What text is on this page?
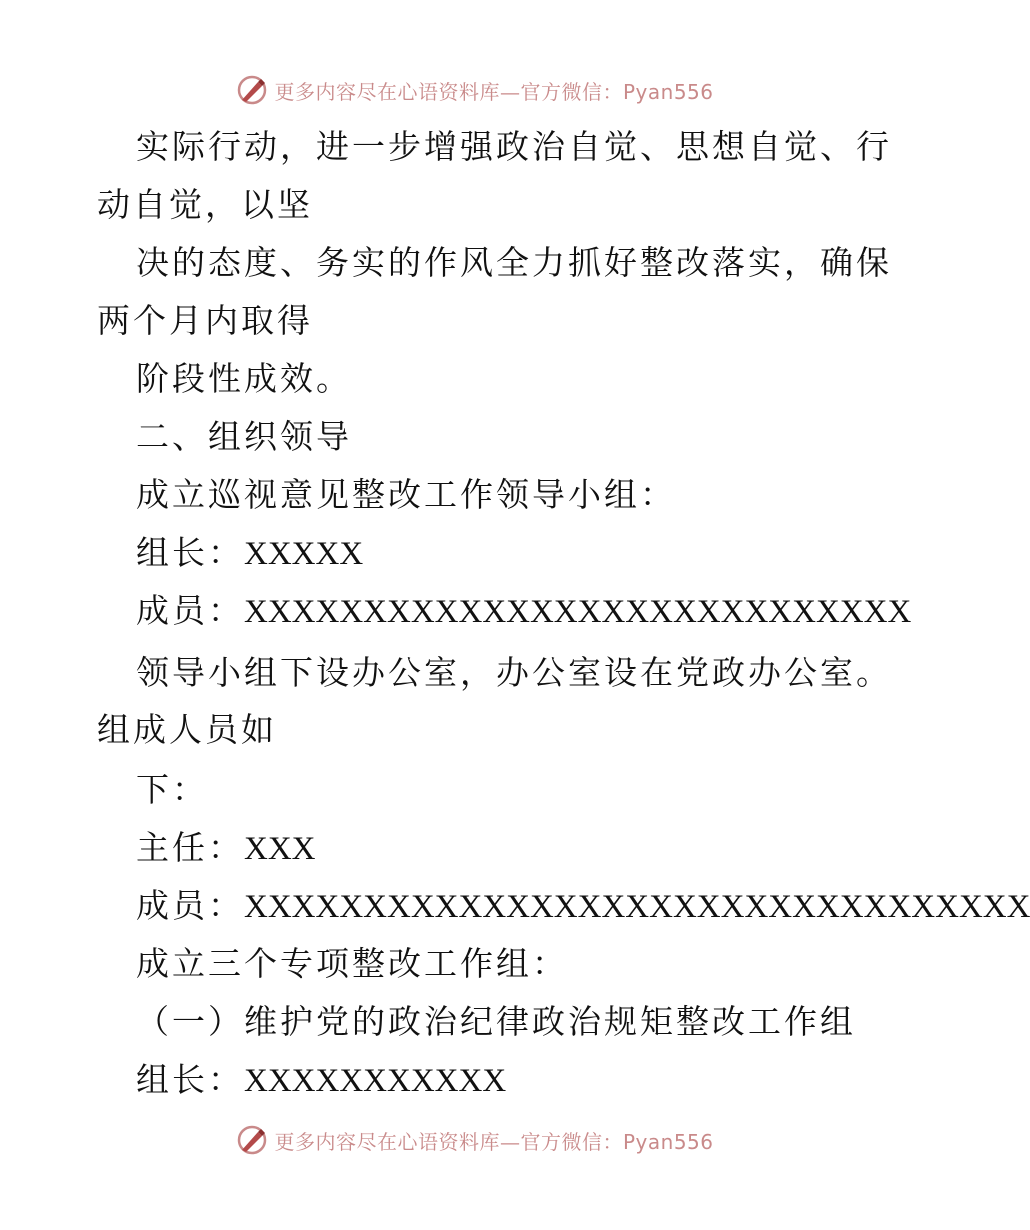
更多内容尽在心语资料库—官方微信：Pyan556
实际行动，进一步增强政治自觉、思想自觉、行
动自觉，以坚
决的态度、务实的作风全力抓好整改落实，确保
两个月内取得
阶段性成效。
二、组织领导
成立巡视意见整改工作领导小组：
组长：XXXXX
成员：XXXXXXXXXXXXXXXXXXXXXXXXXXXX
领导小组下设办公室，办公室设在党政办公室。
组成人员如
下：
主任：XXX
成员：XXXXXXXXXXXXXXXXXXXXXXXXXXXXXXXXX
成立三个专项整改工作组：
（一）维护党的政治纪律政治规矩整改工作组
组长：XXXXXXXXXXX
更多内容尽在心语资料库—官方微信：Pyan556
